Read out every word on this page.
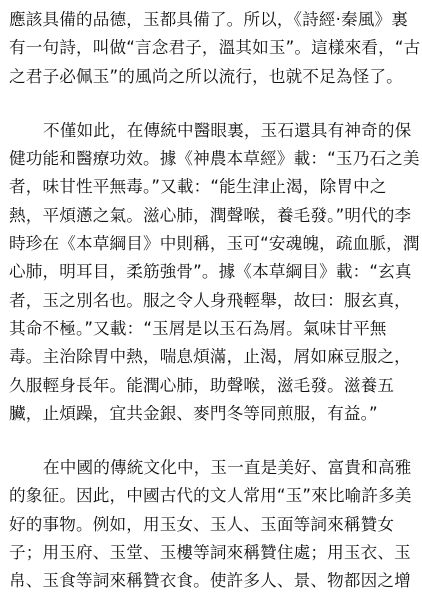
應該具備的品德，玉都具備了。所以，《詩經·秦風》裏
有一句詩，叫做“言念君子，溫其如玉”。這樣來看，“古
之君子必佩玉”的風尚之所以流行，也就不足為怪了。
不僅如此，在傳統中醫眼裏，玉石還具有神奇的保
健功能和醫療功效。據《神農本草經》載：“玉乃石之美
者，味甘性平無毒。”又載：“能生津止渴，除胃中之
熱，平煩懣之氣。滋心肺，潤聲喉，養毛發。”明代的李
時珍在《本草綱目》中則稱，玉可“安魂魄，疏血脈，潤
心肺，明耳目，柔筋強骨”。據《本草綱目》載：“玄真
者，玉之別名也。服之令人身飛輕舉，故曰：服玄真，
其命不極。”又載：“玉屑是以玉石為屑。氣味甘平無
毒。主治除胃中熱，喘息煩滿，止渴，屑如麻豆服之，
久服輕身長年。能潤心肺，助聲喉，滋毛發。滋養五
臟，止煩躁，宜共金銀、麥門冬等同煎服，有益。”
在中國的傳統文化中，玉一直是美好、富貴和高雅
的象征。因此，中國古代的文人常用“玉”來比喻許多美
好的事物。例如，用玉女、玉人、玉面等詞來稱贊女
子；用玉府、玉堂、玉樓等詞來稱贊住處；用玉衣、玉
帛、玉食等詞來稱贊衣食。使許多人、景、物都因之增
